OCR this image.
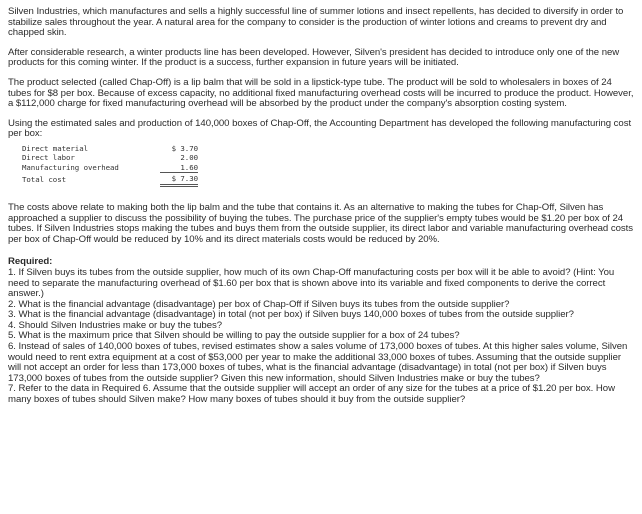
Silven Industries, which manufactures and sells a highly successful line of summer lotions and insect repellents, has decided to diversify in order to stabilize sales throughout the year. A natural area for the company to consider is the production of winter lotions and creams to prevent dry and chapped skin.

After considerable research, a winter products line has been developed. However, Silven's president has decided to introduce only one of the new products for this coming winter. If the product is a success, further expansion in future years will be initiated.

The product selected (called Chap-Off) is a lip balm that will be sold in a lipstick-type tube. The product will be sold to wholesalers in boxes of 24 tubes for $8 per box. Because of excess capacity, no additional fixed manufacturing overhead costs will be incurred to produce the product. However, a $112,000 charge for fixed manufacturing overhead will be absorbed by the product under the company's absorption costing system.

Using the estimated sales and production of 140,000 boxes of Chap-Off, the Accounting Department has developed the following manufacturing cost per box:

Direct material	$ 3.70
Direct labor	2.00
Manufacturing overhead	1.60
Total cost	$ 7.30

The costs above relate to making both the lip balm and the tube that contains it. As an alternative to making the tubes for Chap-Off, Silven has approached a supplier to discuss the possibility of buying the tubes. The purchase price of the supplier's empty tubes would be $1.20 per box of 24 tubes. If Silven Industries stops making the tubes and buys them from the outside supplier, its direct labor and variable manufacturing overhead costs per box of Chap-Off would be reduced by 10% and its direct materials costs would be reduced by 20%.

Required:
1. If Silven buys its tubes from the outside supplier, how much of its own Chap-Off manufacturing costs per box will it be able to avoid? (Hint: You need to separate the manufacturing overhead of $1.60 per box that is shown above into its variable and fixed components to derive the correct answer.)
2. What is the financial advantage (disadvantage) per box of Chap-Off if Silven buys its tubes from the outside supplier?
3. What is the financial advantage (disadvantage) in total (not per box) if Silven buys 140,000 boxes of tubes from the outside supplier?
4. Should Silven Industries make or buy the tubes?
5. What is the maximum price that Silven should be willing to pay the outside supplier for a box of 24 tubes?
6. Instead of sales of 140,000 boxes of tubes, revised estimates show a sales volume of 173,000 boxes of tubes. At this higher sales volume, Silven would need to rent extra equipment at a cost of $53,000 per year to make the additional 33,000 boxes of tubes. Assuming that the outside supplier will not accept an order for less than 173,000 boxes of tubes, what is the financial advantage (disadvantage) in total (not per box) if Silven buys 173,000 boxes of tubes from the outside supplier? Given this new information, should Silven Industries make or buy the tubes?
7. Refer to the data in Required 6. Assume that the outside supplier will accept an order of any size for the tubes at a price of $1.20 per box. How many boxes of tubes should Silven make? How many boxes of tubes should it buy from the outside supplier?
